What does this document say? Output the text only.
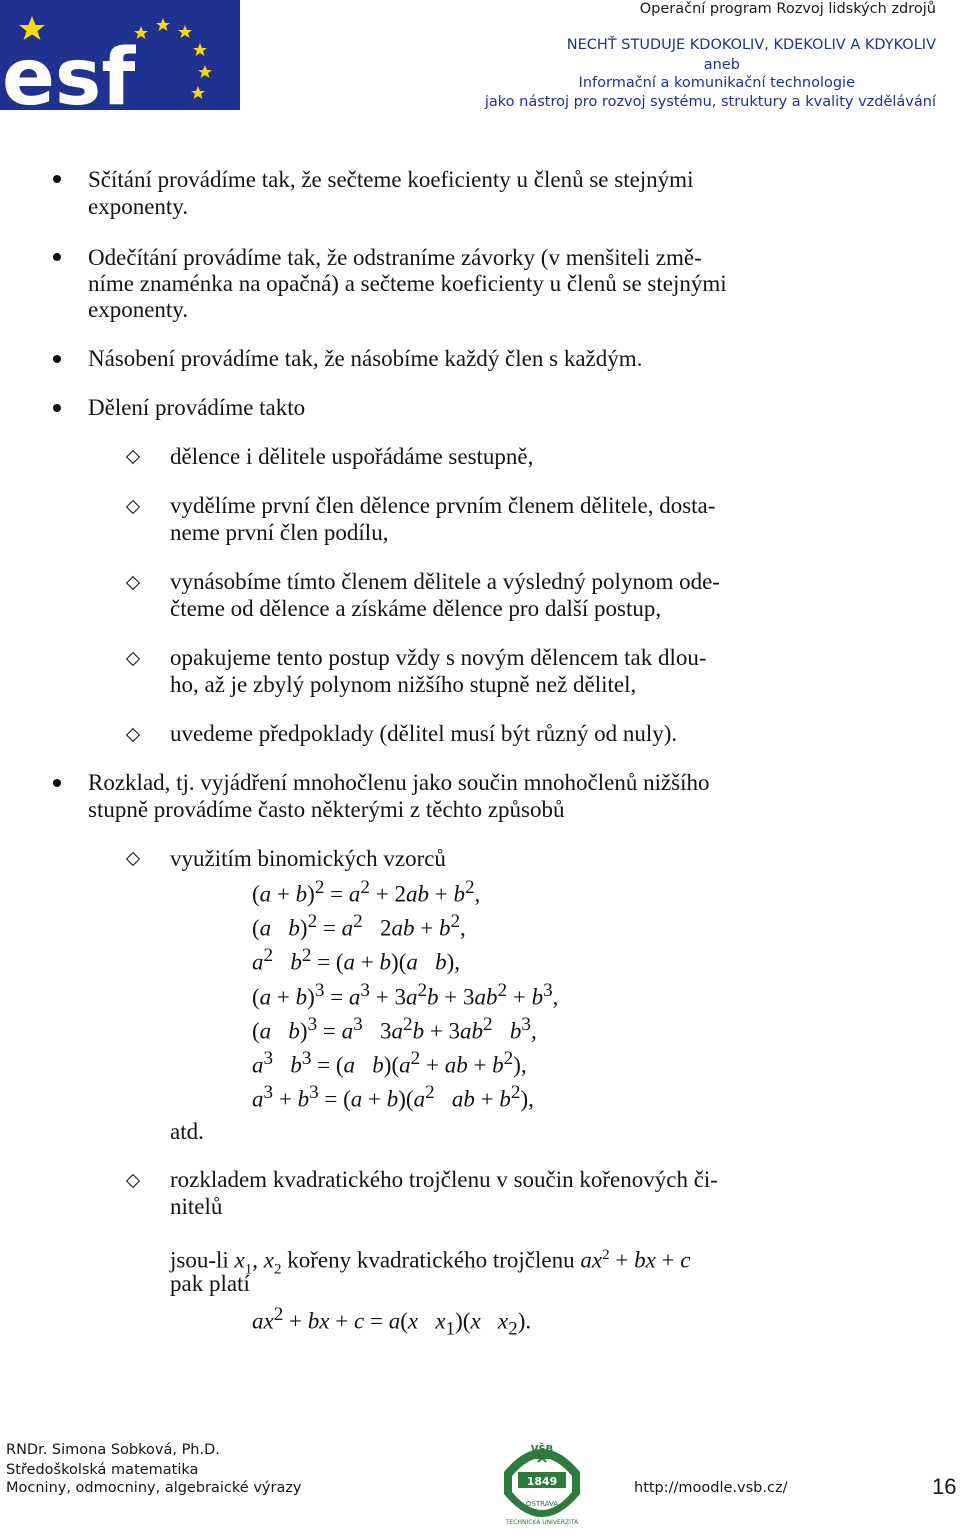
esf
Operační program Rozvoj lidských zdrojů
NECHŤ STUDUJE KDOKOLIV, KDEKOLIV A KDYKOLIV
aneb
Informační a komunikační technologie
jako nástroj pro rozvoj systému, struktury a kvality vzdělávání
Sčítání provádíme tak, že sečteme koeficienty u členů se stejnými
exponenty.
Odečítání provádíme tak, že odstraníme závorky (v menšiteli změ-
níme znaménka na opačná) a sečteme koeficienty u členů se stejnými
exponenty.
Násobení provádíme tak, že násobíme každý člen s každým.
Dělení provádíme takto
dělence i dělitele uspořádáme sestupně,
vydělíme první člen dělence prvním členem dělitele, dosta-
neme první člen podílu,
vynásobíme tímto členem dělitele a výsledný polynom ode-
čteme od dělence a získáme dělence pro další postup,
opakujeme tento postup vždy s novým dělencem tak dlou-
ho, až je zbylý polynom nižšího stupně než dělitel,
uvedeme předpoklady (dělitel musí být různý od nuly).
Rozklad, tj. vyjádření mnohočlenu jako součin mnohočlenů nižšího
stupně provádíme často některými z těchto způsobů
využitím binomických vzorců
$(a + b)^2 = a^2 + 2ab + b^2$,
(a $b)^2 = a^2$   $2ab + b^2$,
$a^2$ $b^2 = (a + b)(a$ b),
$(a + b)^3 = a^3 + 3a^2b + 3ab^2 + b^3$,
(a $b)^3 = a^3$   $3a^2b + 3ab^2$ $b^3$,
$a^3$ $b^3 = (a$ $b)(a^2$ + ab + $b^2$),
$a^3 + b^3 = (a + b)(a^2$ ab + $b^2$),
atd.
rozkladem kvadratického trojčlenu v součin kořenových či-
nitelů
jsou-li $x_1$, $x_2$ kořeny kvadratického trojčlenu $ax^2$ + bx + c
pak platí
$ax^2$ + bx + c = a(x $x_1)(x$ $x_2$).
RNDr. Simona Sobková, Ph.D.
Středoškolská matematika
Mocniny, odmocniny, algebraické výrazy	1849
VŠB
OSTRAVA
TECHNICKÁ UNIVERZITA
http://moodle.vsb.cz/	16
